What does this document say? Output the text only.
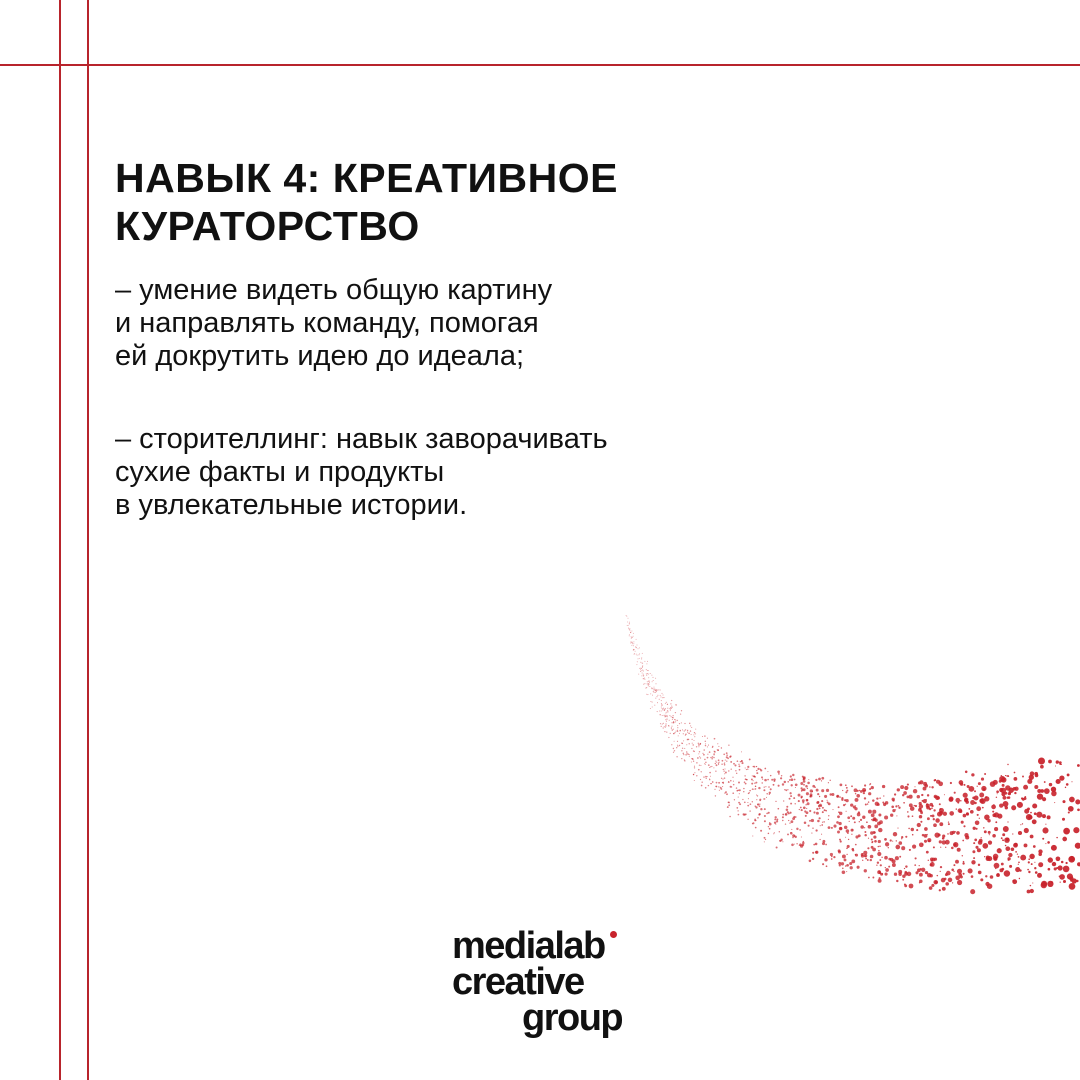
НАВЫК 4: КРЕАТИВНОЕ
КУРАТОРСТВО

– умение видеть общую картину
и направлять команду, помогая
ей докрутить идею до идеала;

– сторителлинг: навык заворачивать
сухие факты и продукты
в увлекательные истории.

medialab
creative
group
